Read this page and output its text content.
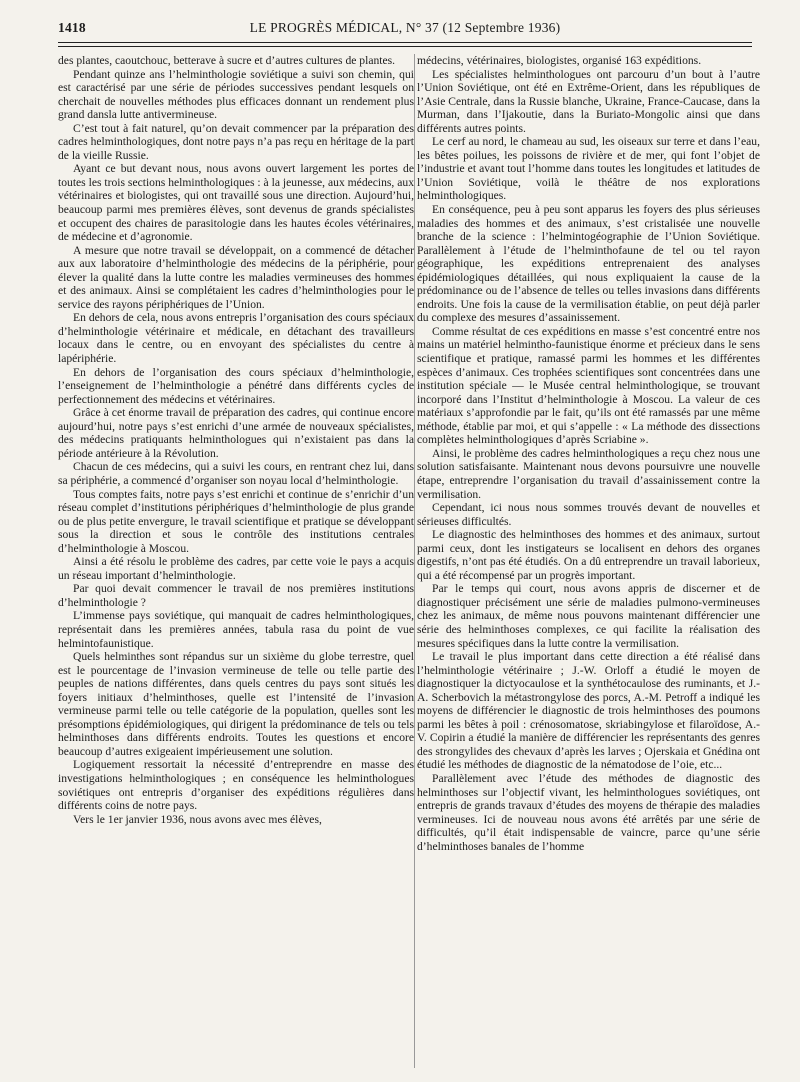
1418	LE PROGRÈS MÉDICAL, N° 37 (12 Septembre 1936)

des plantes, caoutchouc, betterave à sucre et d’autres cultures de plantes.

Pendant quinze ans l’helminthologie soviétique a suivi son chemin, qui est caractérisé par une série de périodes successives pendant lesquels on cherchait de nouvelles méthodes plus efficaces donnant un rendement plus grand dansla lutte antivermineuse.

C’est tout à fait naturel, qu’on devait commencer par la préparation des cadres helminthologiques, dont notre pays n’a pas reçu en héritage de la part de la vieille Russie.

Ayant ce but devant nous, nous avons ouvert largement les portes de toutes les trois sections helminthologiques : à la jeunesse, aux médecins, aux vétérinaires et biologistes, qui ont travaillé sous une direction. Aujourd’hui, beaucoup parmi mes premières élèves, sont devenus de grands spécialistes et occupent des chaires de parasitologie dans les hautes écoles vétérinaires, de médecine et d’agronomie.

A mesure que notre travail se développait, on a commencé de détacher aux aux laboratoire d’helminthologie des médecins de la périphérie, pour élever la qualité dans la lutte contre les maladies vermineuses des hommes et des animaux. Ainsi se complétaient les cadres d’helminthologies pour le service des rayons périphériques de l’Union.

En dehors de cela, nous avons entrepris l’organisation des cours spéciaux d’helminthologie vétérinaire et médicale, en détachant des travailleurs locaux dans le centre, ou en envoyant des spécialistes du centre à lapériphérie.

En dehors de l’organisation des cours spéciaux d’helminthologie, l’enseignement de l’helminthologie a pénétré dans différents cycles de perfectionnement des médecins et vétérinaires.

Grâce à cet énorme travail de préparation des cadres, qui continue encore aujourd’hui, notre pays s’est enrichi d’une armée de nouveaux spécialistes, des médecins pratiquants helminthologues qui n’existaient pas dans la période antérieure à la Révolution.

Chacun de ces médecins, qui a suivi les cours, en rentrant chez lui, dans sa périphérie, a commencé d’organiser son noyau local d’helminthologie.

Tous comptes faits, notre pays s’est enrichi et continue de s’enrichir d’un réseau complet d’institutions périphériques d’helminthologie de plus grande ou de plus petite envergure, le travail scientifique et pratique se développant sous la direction et sous le contrôle des institutions centrales d’helminthologie à Moscou.

Ainsi a été résolu le problème des cadres, par cette voie le pays a acquis un réseau important d’helminthologie.

Par quoi devait commencer le travail de nos premières institutions d’helminthologie ?

L’immense pays soviétique, qui manquait de cadres helminthologiques, représentait dans les premières années, tabula rasa du point de vue helmintofaunistique.

Quels helminthes sont répandus sur un sixième du globe terrestre, quel est le pourcentage de l’invasion vermineuse de telle ou telle partie des peuples de nations différentes, dans quels centres du pays sont situés les foyers initiaux d’helminthoses, quelle est l’intensité de l’invasion vermineuse parmi telle ou telle catégorie de la population, quelles sont les présomptions épidémiologiques, qui dirigent la prédominance de tels ou tels helminthoses dans différents endroits. Toutes les questions et encore beaucoup d’autres exigeaient impérieusement une solution.

Logiquement ressortait la nécessité d’entreprendre en masse des investigations helminthologiques ; en conséquence les helminthologues soviétiques ont entrepris d’organiser des expéditions régulières dans différents coins de notre pays.

Vers le 1er janvier 1936, nous avons avec mes élèves,

médecins, vétérinaires, biologistes, organisé 163 expéditions.

Les spécialistes helminthologues ont parcouru d’un bout à l’autre l’Union Soviétique, ont été en Extrême-Orient, dans les républiques de l’Asie Centrale, dans la Russie blanche, Ukraine, France-Caucase, dans la Murman, dans l’Ijakoutie, dans la Buriato-Mongolic ainsi que dans différents autres points.

Le cerf au nord, le chameau au sud, les oiseaux sur terre et dans l’eau, les bêtes poilues, les poissons de rivière et de mer, qui font l’objet de l’industrie et avant tout l’homme dans toutes les longitudes et latitudes de l’Union Soviétique, voilà le théâtre de nos explorations helminthologiques.

En conséquence, peu à peu sont apparus les foyers des plus sérieuses maladies des hommes et des animaux, s’est cristalisée une nouvelle branche de la science : l’helmintogéographie de l’Union Soviétique. Parallèlement à l’étude de l’helminthofaune de tel ou tel rayon géographique, les expéditions entreprenaient des analyses épidémiologiques détaillées, qui nous expliquaient la cause de la prédominance ou de l’absence de telles ou telles invasions dans différents endroits. Une fois la cause de la vermilisation établie, on peut déjà parler du complexe des mesures d’assainissement.

Comme résultat de ces expéditions en masse s’est concentré entre nos mains un matériel helmintho-faunistique énorme et précieux dans le sens scientifique et pratique, ramassé parmi les hommes et les différentes espèces d’animaux. Ces trophées scientifiques sont concentrées dans une institution spéciale — le Musée central helminthologique, se trouvant incorporé dans l’Institut d’helminthologie à Moscou. La valeur de ces matériaux s’approfondie par le fait, qu’ils ont été ramassés par une même méthode, établie par moi, et qui s’appelle : « La méthode des dissections complètes helminthologiques d’après Scriabine ».

Ainsi, le problème des cadres helminthologiques a reçu chez nous une solution satisfaisante. Maintenant nous devons poursuivre une nouvelle étape, entreprendre l’organisation du travail d’assainissement contre la vermilisation.

Cependant, ici nous nous sommes trouvés devant de nouvelles et sérieuses difficultés.

Le diagnostic des helminthoses des hommes et des animaux, surtout parmi ceux, dont les instigateurs se localisent en dehors des organes digestifs, n’ont pas été étudiés. On a dû entreprendre un travail laborieux, qui a été récompensé par un progrès important.

Par le temps qui court, nous avons appris de discerner et de diagnostiquer précisément une série de maladies pulmono-vermineuses chez les animaux, de même nous pouvons maintenant différencier une série des helminthoses complexes, ce qui facilite la réalisation des mesures spécifiques dans la lutte contre la vermilisation.

Le travail le plus important dans cette direction a été réalisé dans l’helminthologie vétérinaire ; J.-W. Orloff a étudié le moyen de diagnostiquer la dictyocaulose et la synthétocaulose des ruminants, et J.-A. Scherbovich la métastrongylose des porcs, A.-M. Petroff a indiqué les moyens de différencier le diagnostic de trois helminthoses des poumons parmi les bêtes à poil : crénosomatose, skriabingylose et filaroïdose, A.-V. Copirin a étudié la manière de différencier les représentants des genres des strongylides des chevaux d’après les larves ; Ojerskaia et Gnédina ont étudié les méthodes de diagnostic de la nématodose de l’oie, etc...

Parallèlement avec l’étude des méthodes de diagnostic des helminthoses sur l’objectif vivant, les helminthologues soviétiques, ont entrepris de grands travaux d’études des moyens de thérapie des maladies vermineuses. Ici de nouveau nous avons été arrêtés par une série de difficultés, qu’il était indispensable de vaincre, parce qu’une série d’helminthoses banales de l’homme
